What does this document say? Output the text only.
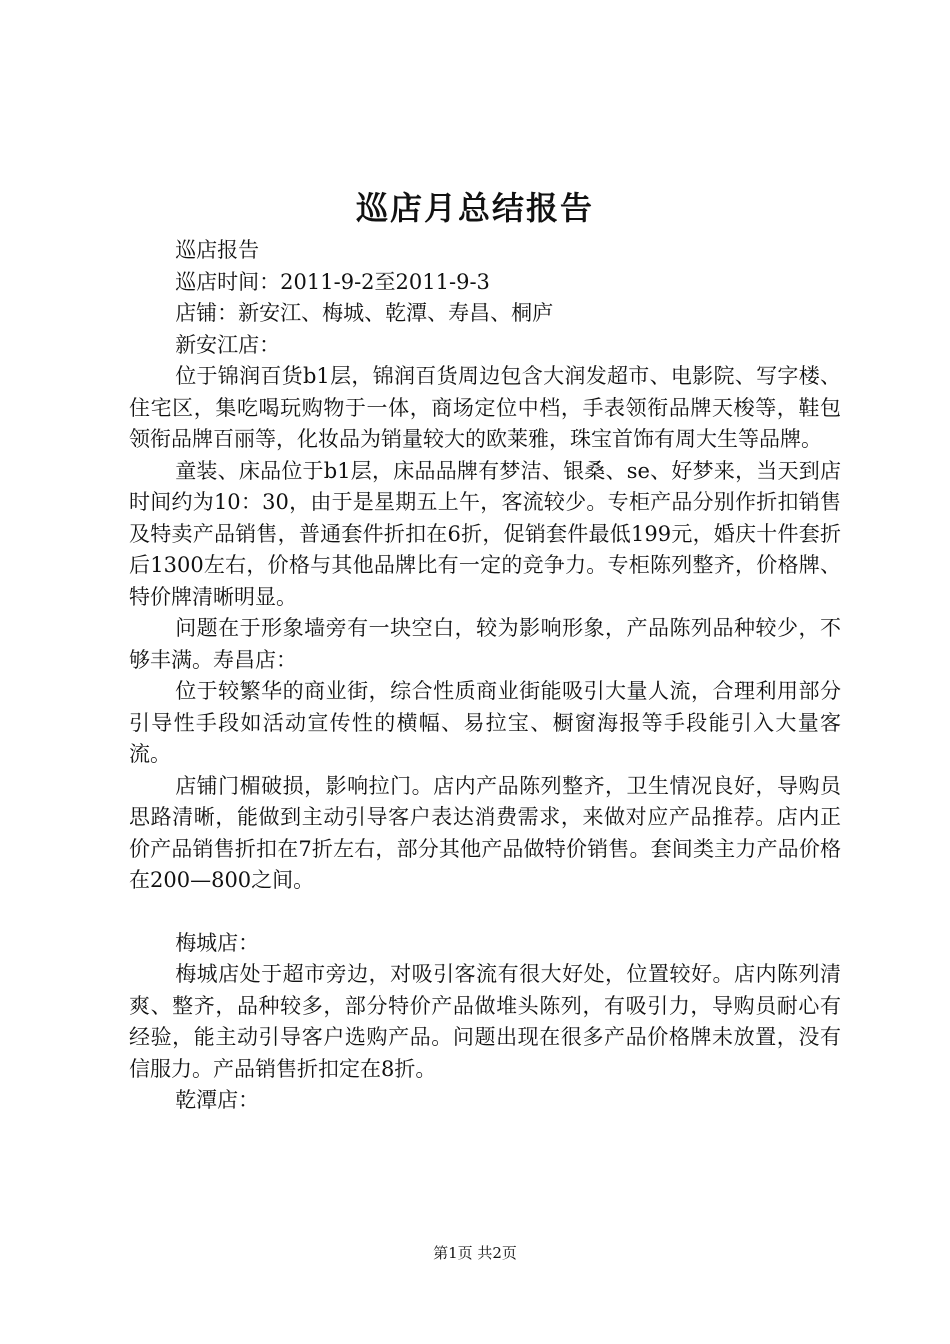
巡店月总结报告

巡店报告

巡店时间：2011-9-2至2011-9-3

店铺：新安江、梅城、乾潭、寿昌、桐庐

新安江店：

位于锦润百货b1层，锦润百货周边包含大润发超市、电影院、写字楼、住宅区，集吃喝玩购物于一体，商场定位中档，手表领衔品牌天梭等，鞋包领衔品牌百丽等，化妆品为销量较大的欧莱雅，珠宝首饰有周大生等品牌。

童装、床品位于b1层，床品品牌有梦洁、银桑、se、好梦来，当天到店时间约为10：30，由于是星期五上午，客流较少。专柜产品分别作折扣销售及特卖产品销售，普通套件折扣在6折，促销套件最低199元，婚庆十件套折后1300左右，价格与其他品牌比有一定的竞争力。专柜陈列整齐，价格牌、特价牌清晰明显。

问题在于形象墙旁有一块空白，较为影响形象，产品陈列品种较少，不够丰满。寿昌店：

位于较繁华的商业街，综合性质商业街能吸引大量人流，合理利用部分引导性手段如活动宣传性的横幅、易拉宝、橱窗海报等手段能引入大量客流。

店铺门楣破损，影响拉门。店内产品陈列整齐，卫生情况良好，导购员思路清晰，能做到主动引导客户表达消费需求，来做对应产品推荐。店内正价产品销售折扣在7折左右，部分其他产品做特价销售。套间类主力产品价格在200—800之间。

梅城店：

梅城店处于超市旁边，对吸引客流有很大好处，位置较好。店内陈列清爽、整齐，品种较多，部分特价产品做堆头陈列，有吸引力，导购员耐心有经验，能主动引导客户选购产品。问题出现在很多产品价格牌未放置，没有信服力。产品销售折扣定在8折。

乾潭店：

第1页 共2页
